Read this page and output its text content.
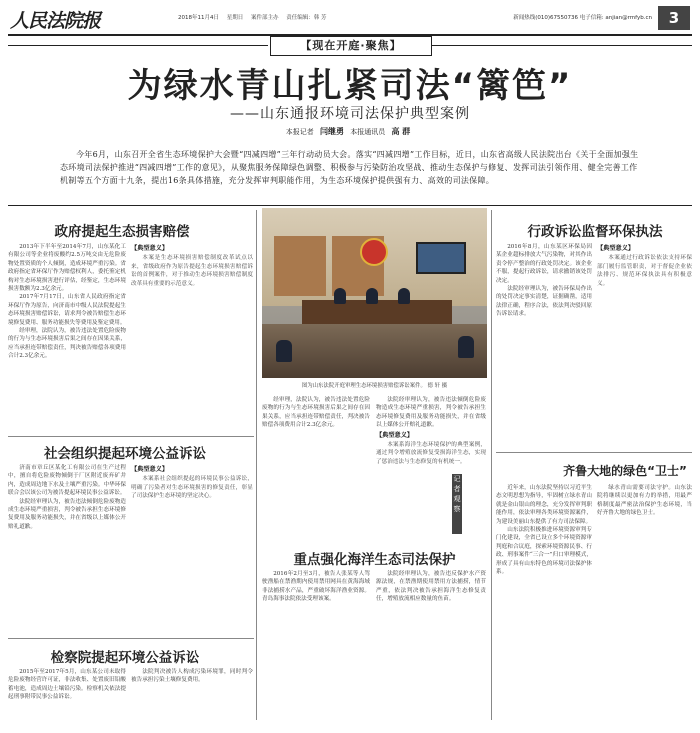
人民法院报	2018年11月4日 星期日 案件部主办 责任编辑：韩 芳	新闻热线(010)67550736 电子信箱: anjian@rmfyb.cn	3
【现在开庭·聚焦】
为绿水青山扎紧司法“篱笆”
——山东通报环境司法保护典型案例
本报记者 闫继勇 本报通讯员 高 群
今年6月，山东召开全省生态环境保护大会暨“四减四增”三年行动动员大会。落实“四减四增”工作目标，近日，山东省高级人民法院出台《关于全面加强生态环境司法保护推进“四减四增”工作的意见》，从聚焦服务保障绿色调整、积极参与污染防治攻坚战、推动生态保护与修复、发挥司法引领作用、健全完善工作机制等五个方面十九条，提出16条具体措施，充分发挥审判职能作用，为生态环境保护提供强有力、高效的司法保障。
政府提起生态损害赔偿

2013年下半年至2014年7月，山东某化工有限公司等企业将废酸约2.5万吨交由无危险废物处置资质的个人倾倒，造成环境严重污染。省政府指定省环保厅作为赔偿权利人，委托鉴定机构对生态环境损害进行评估，经鉴定，生态环境损害数额为2.3亿余元。

2017年7月17日，山东省人民政府指定省环保厅作为原告，向济南市中级人民法院提起生态环境损害赔偿诉讼，请求判令被告赔偿生态环境修复费用、服务功能损失等费用及鉴定费用。

经审理，法院认为，被告违法处置危险废物的行为与生态环境损害后果之间存在因果关系，应当承担连带赔偿责任，判决被告赔偿各项费用合计2.3亿余元。

【典型意义】

本案是生态环境损害赔偿制度改革试点以来，省级政府作为原告提起生态环境损害赔偿诉讼的首例案件，对于推动生态环境损害赔偿制度改革具有重要的示范意义。

社会组织提起环境公益诉讼

济南市章丘区某化工有限公司在生产过程中，擅自将危险废物倾倒于厂区附近废弃矿井内，造成周边地下水及土壤严重污染。中华环保联合会以该公司为被告提起环境民事公益诉讼。

法院经审理认为，被告违法倾倒危险废物造成生态环境严重损害，判令被告承担生态环境修复费用及服务功能损失，并在省级以上媒体公开赔礼道歉。

【典型意义】

本案系社会组织提起的环境民事公益诉讼，明确了污染者对生态环境损害的修复责任，彰显了司法保护生态环境的坚定决心。

检察院提起环境公益诉讼

2015年至2017年5月，山东某公司未取得危险废物经营许可证，非法收集、处置废旧铅酸蓄电池，造成周边土壤铅污染。检察机关依法提起刑事附带民事公益诉讼。

法院判决被告人构成污染环境罪，同时判令被告承担污染土壤修复费用。

图为山东法院开庭审理生态环境损害赔偿诉讼案件。 德 轩 摄

经审理，法院认为，被告违法处置危险废物的行为与生态环境损害后果之间存在因果关系，应当承担连带赔偿责任，判决被告赔偿各项费用合计2.3亿余元。

法院经审理认为，被告违法倾倒危险废物造成生态环境严重损害，判令被告承担生态环境修复费用及服务功能损失，并在省级以上媒体公开赔礼道歉。

【典型意义】

本案系海洋生态环境保护的典型案例，通过判令增殖放流修复受损海洋生态，实现了惩治违法与生态修复的有机统一。

重点强化海洋生态司法保护

2016年2月至3月，被告人张某等人驾驶渔船在禁渔期内使用禁用网具在黄海海域非法捕捞水产品，严重破坏海洋渔业资源。青岛海事法院依法受理该案。

法院经审理认为，被告违反保护水产资源法规，在禁渔期使用禁用方法捕捞，情节严重，依法判决被告承担海洋生态修复责任，增殖放流相应数量的鱼苗。

行政诉讼监督环保执法

2016年8月，山东某区环保局因某企业超标排放大气污染物，对其作出责令停产整治的行政处罚决定。该企业不服，提起行政诉讼，请求撤销该处罚决定。

法院经审理认为，被告环保局作出的处罚决定事实清楚，证据确凿，适用法律正确，程序合法，依法判决驳回原告诉讼请求。

【典型意义】

本案通过行政诉讼依法支持环保部门履行监管职责，对于督促企业依法排污、规范环保执法具有积极意义。

记者观察
齐鲁大地的绿色“卫士”

近年来，山东法院坚持以习近平生态文明思想为指导，牢固树立绿水青山就是金山银山的理念，充分发挥审判职能作用，依法审理各类环境资源案件，为建设美丽山东提供了有力司法保障。

山东法院积极推进环境资源审判专门化建设，全省已设立多个环境资源审判庭和合议庭，探索环境资源民事、行政、刑事案件“三合一”归口审理模式，形成了具有山东特色的环境司法保护体系。

绿水青山需要司法守护。山东法院将继续以更加有力的举措，用最严格制度最严密法治保护生态环境，当好齐鲁大地的绿色卫士。
